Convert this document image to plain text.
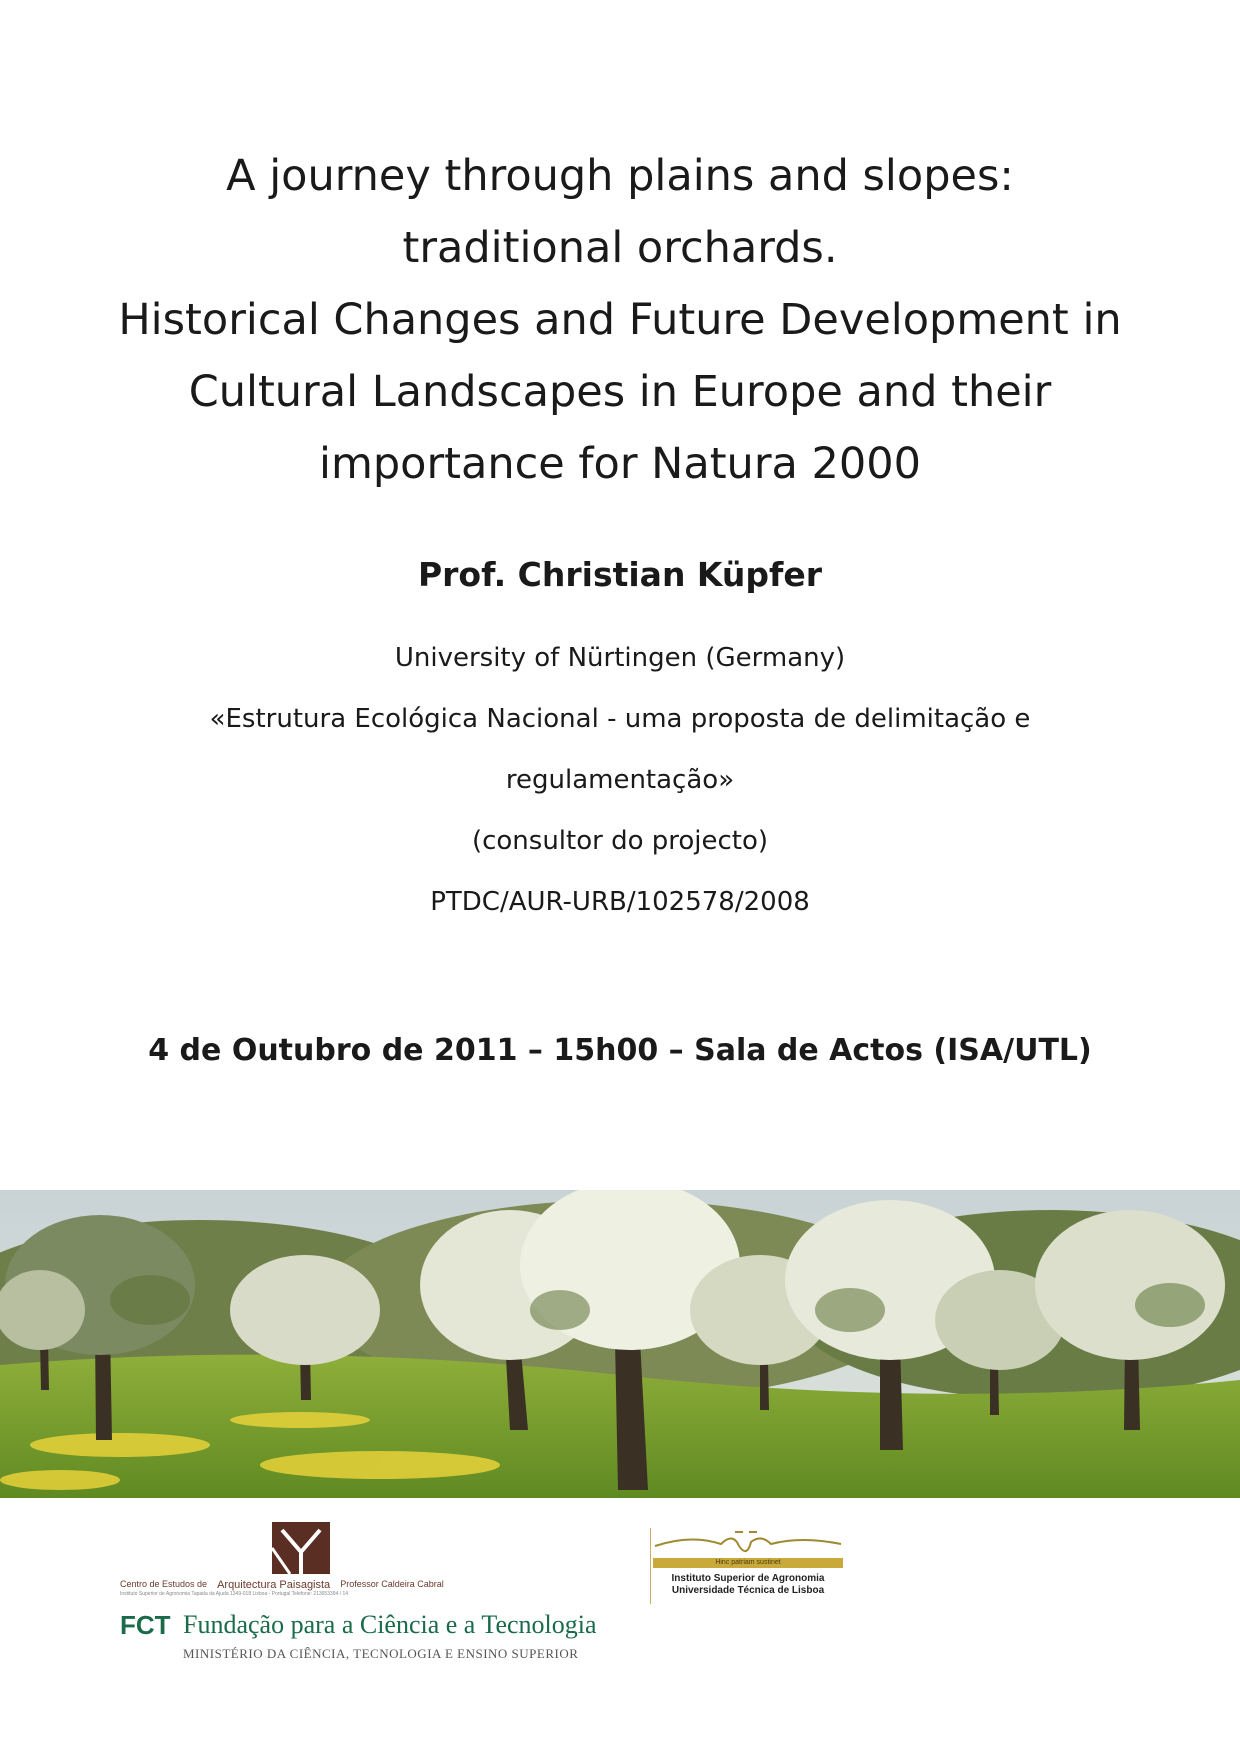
A journey through plains and slopes:
traditional orchards.
Historical Changes and Future Development in
Cultural Landscapes in Europe and their
importance for Natura 2000
Prof. Christian Küpfer
University of Nürtingen (Germany)
«Estrutura Ecológica Nacional - uma proposta de delimitação e
regulamentação»
(consultor do projecto)
PTDC/AUR-URB/102578/2008
4 de Outubro de 2011 – 15h00 – Sala de Actos (ISA/UTL)
Centro de Estudos de Arquitectura Paisagista Professor Caldeira Cabral
Instituto Superior de Agronomia Tapada da Ajuda 1349-018 Lisboa - Portugal Telefone: 213653394 / 14
Hinc patriam sustinet
Instituto Superior de Agronomia
Universidade Técnica de Lisboa
FCT Fundação para a Ciência e a Tecnologia
MINISTÉRIO DA CIÊNCIA, TECNOLOGIA E ENSINO SUPERIOR
